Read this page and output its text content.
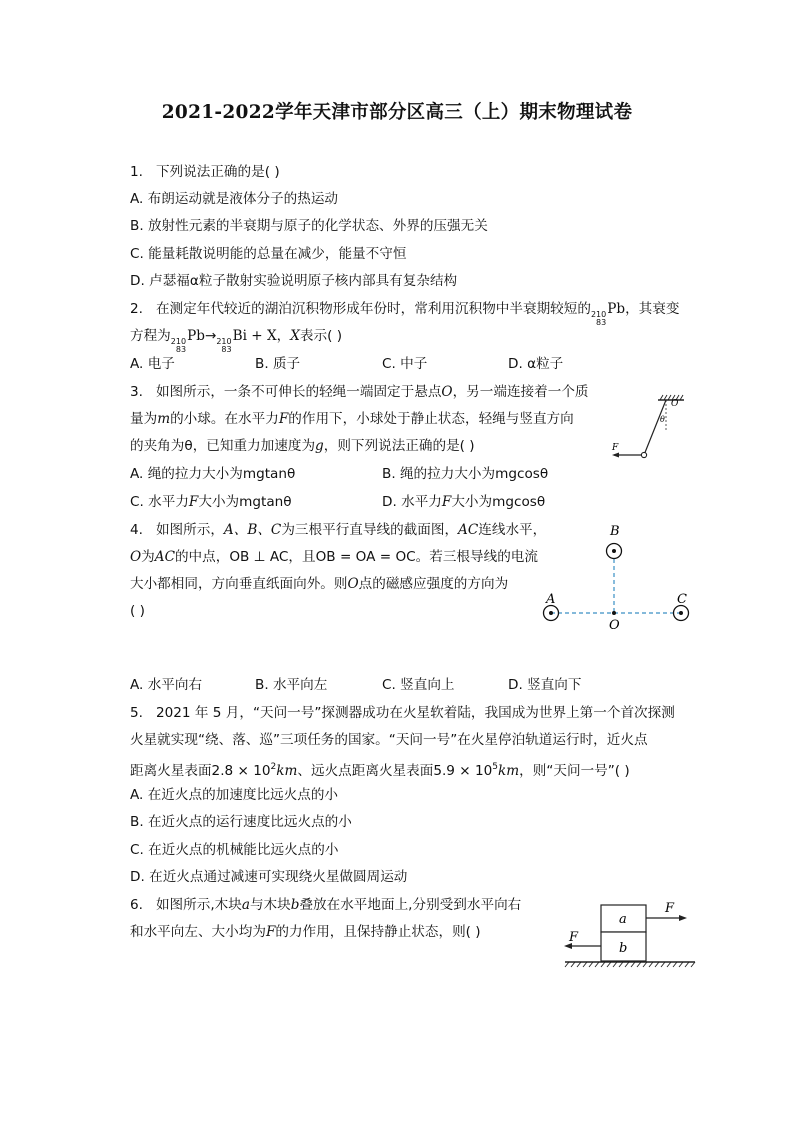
2021-2022学年天津市部分区高三（上）期末物理试卷
1. 下列说法正确的是( )
A. 布朗运动就是液体分子的热运动
B. 放射性元素的半衰期与原子的化学状态、外界的压强无关
C. 能量耗散说明能的总量在减少，能量不守恒
D. 卢瑟福α粒子散射实验说明原子核内部具有复杂结构
2. 在测定年代较近的湖泊沉积物形成年份时，常利用沉积物中半衰期较短的 210
83
Pb，其衰变
方程为 210
83
Pb→ 210
83
Bi + X，X表示( )
A. 电子	B. 质子	C. 中子	D. α粒子
3. 如图所示，一条不可伸长的轻绳一端固定于悬点O，另一端连接着一个质
量为m的小球。在水平力F的作用下，小球处于静止状态，轻绳与竖直方向
的夹角为θ，已知重力加速度为g，则下列说法正确的是( )
A. 绳的拉力大小为mgtanθ	B. 绳的拉力大小为mgcosθ
C. 水平力F大小为mgtanθ	D. 水平力F大小为mgcosθ
O
θ
F
4. 如图所示，A、B、C为三根平行直导线的截面图，AC连线水平，
O为AC的中点，OB ⊥ AC，且OB = OA = OC。若三根导线的电流
大小都相同，方向垂直纸面向外。则O点的磁感应强度的方向为
( )
B
A	C
O
A. 水平向右	B. 水平向左	C. 竖直向上	D. 竖直向下
5. 2021 年 5 月，“天问一号”探测器成功在火星软着陆，我国成为世界上第一个首次探测
火星就实现“绕、落、巡”三项任务的国家。“天问一号”在火星停泊轨道运行时，近火点
距离火星表面$2.8 \times 10^2km$、远火点距离火星表面$5.9 \times 10^5km$，则“天问一号”( )
A. 在近火点的加速度比远火点的小
B. 在近火点的运行速度比远火点的小
C. 在近火点的机械能比远火点的小
D. 在近火点通过减速可实现绕火星做圆周运动
6. 如图所示,木块a与木块b叠放在水平地面上,分别受到水平向右
和水平向左、大小均为F的力作用，且保持静止状态，则( )
a
b
F
F
